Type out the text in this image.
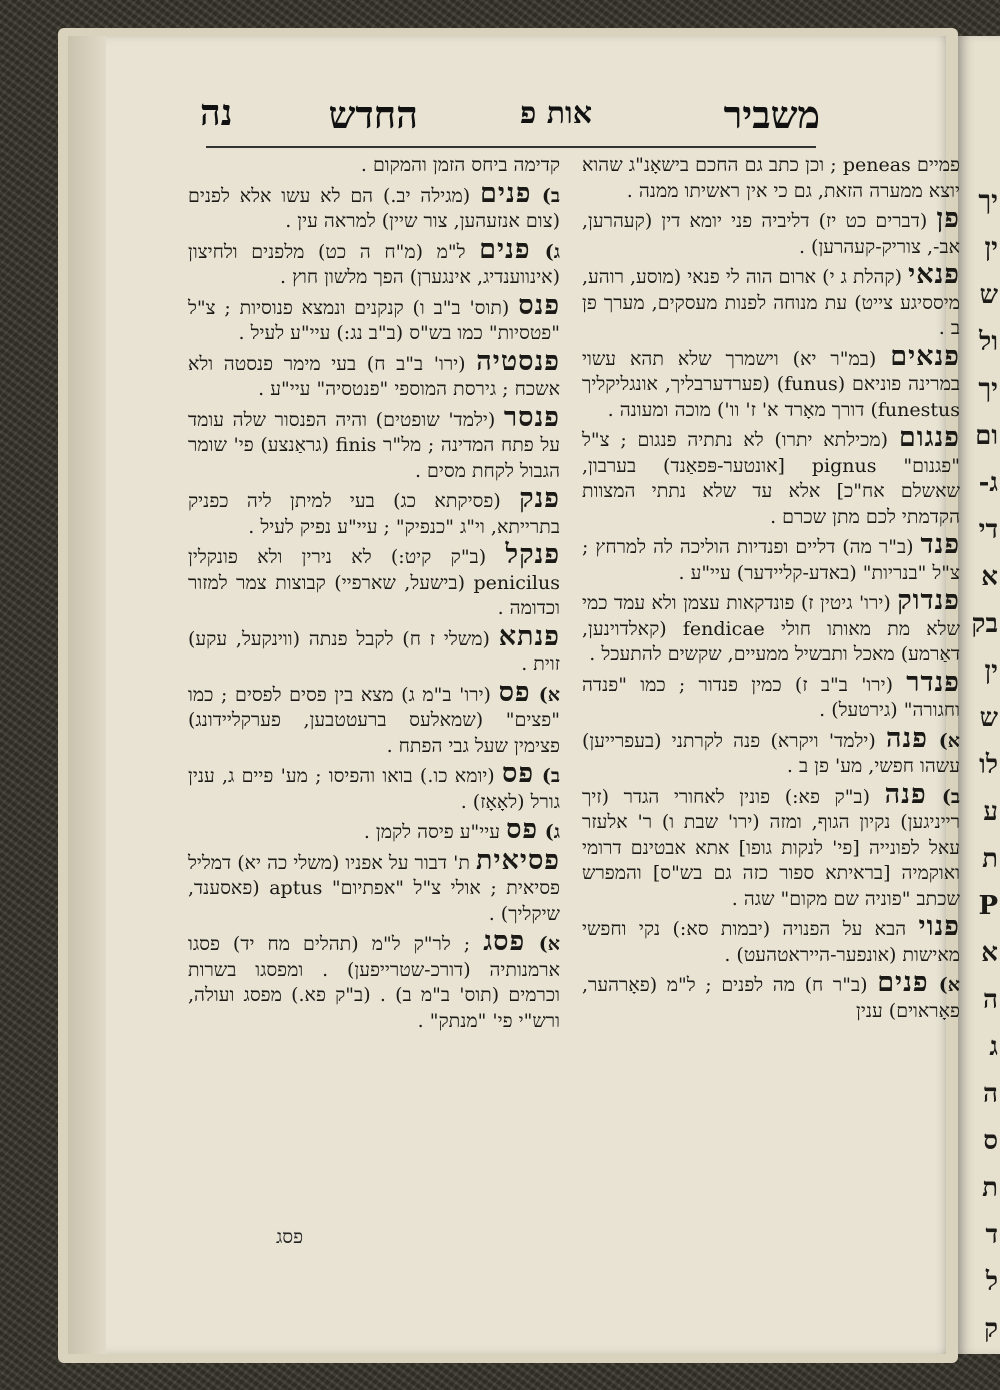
יך
ין
ש
ול
יך
ום
ג-
די
א
בק
ין
ש
לו
ע
ת
P
א
ה
ג
ה
ס
ת
ד
ל
ק
משביר
אות פ
החדש
נה
פמיים peneas ; וכן כתב גם החכם בישאָנ"ג שהוא יוצא ממערה הזאת, גם כי אין ראשיתו ממנה .
פן (דברים כט יז) דליביה פני יומא דין (קעהרען, אב-, צוריק-קעהרען) .
פנאי (קהלת ג י) ארום הוה לי פנאי (מוסע, רוהע, מיססיגע צייט) עת מנוחה לפנות מעסקים, מערך פן ב .
פנאים (במ"ר יא) וישמרך שלא תהא עשוי במרינה פוניאם (funus) (פערדערבליך, אונגליקליך funestus) דורך מאָרד א' ז' וו') מוכה ומעונה .
פנגום (מכילתא יתרו) לא נתתיה פנגום ; צ"ל "פגנום" pignus [אונטער-פּפאַנד) בערבון, שאשלם אח"כ] אלא עד שלא נתתי המצוות הקדמתי לכם מתן שכרם .
פנד (ב"ר מה) דליים ופנדיות הוליכה לה למרחץ ; צ"ל "בנריות" (באדע-קליידער) עיי"ע .
פנדוק (ירו' גיטין ז) פונדקאות עצמן ולא עמד כמי שלא מת מאותו חולי fendicae (קאלדוינען, דאַרמע) מאכל ותבשיל ממעיים, שקשים להתעכל .
פנדר (ירו' ב"ב ז) כמין פנדור ; כמו "פנדה וחגורה" (גירטעל) .
א) פנה (ילמד' ויקרא) פנה לקרתני (בעפרייען) עשהו חפשי, מע' פן ב .
ב) פנה (ב"ק פא:) פונין לאחורי הגדר (זיך רייניגען) נקיון הגוף, ומזה (ירו' שבת ו) ר' אלעזר עאל לפונייה [פי' לנקות גופו] אתא אבטינם דרומי ואוקמיה [בראיתא ספור כזה גם בש"ס] והמפרש שכתב "פוניה שם מקום" שגה .
פנוי הבא על הפנויה (יבמות סא:) נקי וחפשי מאישות (אונפער-הייראטהעט) .
א) פנים (ב"ר ח) מה לפנים ; ל"מ (פאָרהער, פאָראוים) ענין
קדימה ביחס הזמן והמקום .
ב) פנים (מגילה יב.) הם לא עשו אלא לפנים (צום אנזעהען, צור שיין) למראה עין .
ג) פנים ל"מ (מ"ח ה כט) מלפנים ולחיצון (אינווענדיג, אינגערן) הפך מלשון חוץ .
פנס (תוס' ב"ב ו) קנקנים ונמצא פנוסיות ; צ"ל "פטסיות" כמו בש"ס (ב"ב נג:) עיי"ע לעיל .
פנסטיה (ירו' ב"ב ח) בעי מימר פנסטה ולא אשכח ; גירסת המוספי "פנטסיה" עיי"ע .
פנסר (ילמד' שופטים) והיה הפנסור שלה עומד על פתח המדינה ; מל"ר finis (גראַנצע) פי' שומר הגבול לקחת מסים .
פנק (פסיקתא כג) בעי למיתן ליה כפניק בתרייתא, וי"ג "כנפיק" ; עיי"ע נפיק לעיל .
פנקל (ב"ק קיט:) לא נירין ולא פונקלין penicilus (בישעל, שארפיי) קבוצות צמר למזור וכדומה .
פנתא (משלי ז ח) לקבל פנתה (ווינקעל, עקע) זוית .
א) פס (ירו' ב"מ ג) מצא בין פסים לפסים ; כמו "פצים" (שמאלעס ברעטטבען, פערקליידונג) פצימין שעל גבי הפתח .
ב) פס (יומא כו.) בואו והפיסו ; מע' פיים ג, ענין גורל (לאָאָז) .
ג) פס עיי"ע פיסה לקמן .
פסיאית ת' דבור על אפניו (משלי כה יא) דמליל פסיאית ; אולי צ"ל "אפתיום" aptus (פאסענד, שיקליך) .
א) פסג ; לר"ק ל"מ (תהלים מח יד) פסגו ארמנותיה (דורכ-שטרייפען) . ומפסגו בשרות וכרמים (תוס' ב"מ ב) . (ב"ק פא.) מפסג ועולה, ורש"י פי' "מנתק" .
פסג
